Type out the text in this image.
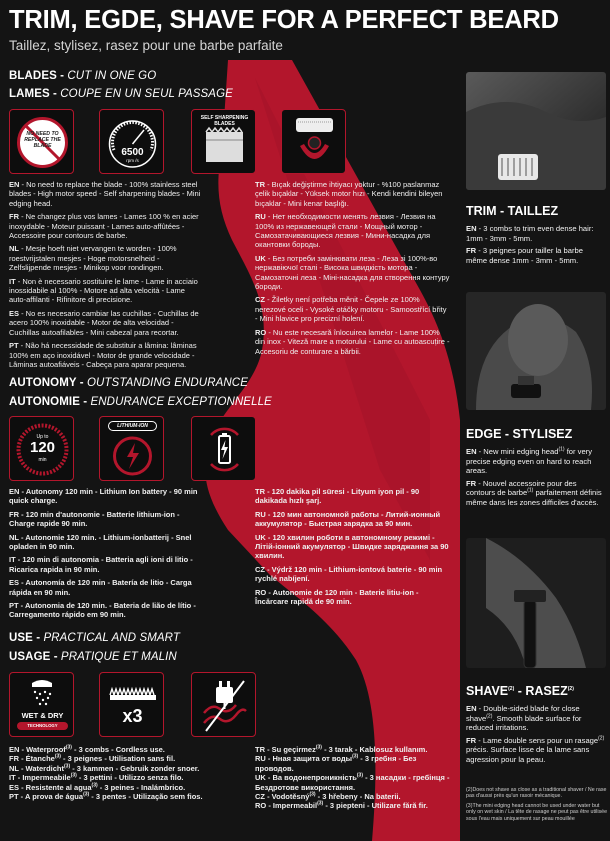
TRIM, EGDE, SHAVE FOR A PERFECT BEARD
Taillez, stylisez, rasez pour une barbe parfaite
BLADES - CUT IN ONE GO
LAMES - COUPE EN UN SEUL PASSAGE
NO NEED TO REPLACE THE BLADE
6500
rpm /s
SELF SHARPENING BLADES

EN - No need to replace the blade - 100% stainless steel blades - High motor speed - Self sharpening blades - Mini edging head.

FR - Ne changez plus vos lames - Lames 100 % en acier inoxydable - Moteur puissant - Lames auto-affûtées - Accessoire pour contours de barbe.

NL - Mesje hoeft niet vervangen te worden - 100% roestvrijstalen mesjes - Hoge motorsnelheid - Zelfslijpende mesjes - Minikop voor rondingen.

IT - Non è necessario sostituire le lame - Lame in acciaio inossidabile al 100% - Motore ad alta velocità - Lame auto-affilanti - Rifinitore di precisione.

ES - No es necesario cambiar las cuchillas - Cuchillas de acero 100% inoxidable - Motor de alta velocidad - Cuchillas autoafilables - Mini cabezal para recortar.

PT - Não há necessidade de substituir a lâmina: lâminas 100% em aço inoxidável - Motor de grande velocidade - Lâminas autoafiáveis - Cabeça para aparar pequena.

TR - Bıçak değiştirme ihtiyacı yoktur - %100 paslanmaz çelik bıçaklar - Yüksek motor hızı - Kendi kendini bileyen bıçaklar - Mini kenar başlığı.

RU - Нет необходимости менять лезвия - Лезвия на 100% из нержавеющей стали - Мощный мотор - Самозатачивающиеся лезвия - Мини-насадка для окантовки бороды.

UK - Без потреби замінювати леза - Леза зі 100%-во нержавіючої сталі - Висока швидкість мотора - Самозаточні леза - Міні-насадка для створення контуру бороди.

CZ - Žiletky není potřeba měnit - Čepele ze 100% nerezové oceli - Vysoké otáčky motoru - Samoostřící břity - Mini hlavice pro precizní holení.

RO - Nu este necesară înlocuirea lamelor - Lame 100% din inox - Viteză mare a motorului - Lame cu autoascuțire - Accesoriu de conturare a bărbii.

AUTONOMY - OUTSTANDING ENDURANCE
AUTONOMIE - ENDURANCE EXCEPTIONNELLE
Up to
120
min
LITHIUM-ION

EN - Autonomy 120 min - Lithium Ion battery - 90 min quick charge.

FR - 120 min d'autonomie - Batterie lithium-ion - Charge rapide 90 min.

NL - Autonomie 120 min. - Lithium-ionbatterij - Snel opladen in 90 min.

IT - 120 min di autonomia - Batteria agli ioni di litio - Ricarica rapida in 90 min.

ES - Autonomía de 120 min - Batería de litio - Carga rápida en 90 min.

PT - Autonomia de 120 min. - Bateria de lião de lítio - Carregamento rápido em 90 min.

TR - 120 dakika pil süresi - Lityum iyon pil - 90 dakikada hızlı şarj.

RU - 120 мин автономной работы - Литий-ионный аккумулятор - Быстрая зарядка за 90 мин.

UK - 120 хвилин роботи в автономному режимі - Літій-іонний акумулятор - Швидке заряджання за 90 хвилин.

CZ - Výdrž 120 min - Lithium-iontová baterie - 90 min rychlé nabíjení.

RO - Autonomie de 120 min - Baterie litiu-ion - Încărcare rapidă de 90 min.

USE - PRACTICAL AND SMART
USAGE - PRATIQUE ET MALIN
WET & DRY
TECHNOLOGY	x3

EN - Waterproof$^{(3)}$ - 3 combs - Cordless use.

FR - Étanche$^{(3)}$ - 3 peignes - Utilisation sans fil.

NL - Waterdicht$^{(3)}$ - 3 kammen - Gebruik zonder snoer.

IT - Impermeabile$^{(3)}$ - 3 pettini - Utilizzo senza filo.

ES - Resistente al agua$^{(3)}$ - 3 peines - Inalámbrico.

PT - A prova de água$^{(3)}$ - 3 pentes - Utilização sem fios.

TR - Su geçirmez$^{(3)}$ - 3 tarak - Kablosuz kullanım.

RU - Нная защита от воды$^{(3)}$ - 3 гребня - Без проводов.

UK - Ва водонепроникність$^{(3)}$ - 3 насадки - гребінця - Бездротове використання.

CZ - Vodotěsný$^{(3)}$ - 3 hřebeny - Na baterii.

RO - Impermeabil$^{(3)}$ - 3 piepteni - Utilizare fără fir.

TRIM - TAILLEZ

EN - 3 combs to trim even dense hair: 1mm - 3mm - 5mm.

FR - 3 peignes pour tailler la barbe même dense 1mm - 3mm - 5mm.

EDGE - STYLISEZ

EN - New mini edging head$^{(1)}$ for very precise edging even on hard to reach areas.

FR - Nouvel accessoire pour des contours de barbe$^{(1)}$ parfaitement définis même dans les zones difficiles d'accès.

SHAVE$^{(2)}$ - RASEZ$^{(2)}$

EN - Double-sided blade for close shave$^{(2)}$. Smooth blade surface for reduced irritations.

FR - Lame double sens pour un rasage$^{(2)}$ précis. Surface lisse de la lame sans agression pour la peau.

(2)Does not shave as close as a traditional shaver / Ne rase pas d'aussi près qu'un rasoir mécanique.

(3)The mini edging head cannot be used under water but only on wet skin / La tête de rasage ne peut pas être utilisée sous l'eau mais uniquement sur peau mouillée
